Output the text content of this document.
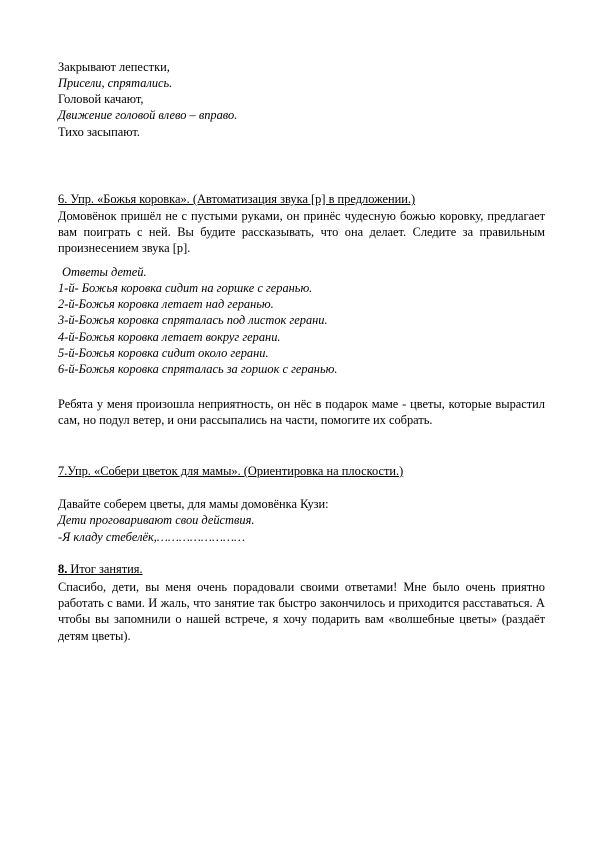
Закрывают лепестки,
Присели, спрятались.
Головой качают,
Движение головой влево – вправо.
Тихо засыпают.
6. Упр. «Божья коровка». (Автоматизация звука [р] в предложении.)
Домовёнок пришёл не с пустыми руками, он принёс чудесную божью коровку, предлагает вам поиграть с ней. Вы будите рассказывать, что она делает. Следите за правильным произнесением звука [р].
Ответы детей.
1-й- Божья коровка сидит на горшке с геранью.
2-й-Божья коровка летает над геранью.
3-й-Божья коровка спряталась под листок герани.
4-й-Божья коровка летает вокруг герани.
5-й-Божья коровка сидит около герани.
6-й-Божья коровка спряталась за горшок с геранью.
Ребята у меня произошла неприятность, он нёс в подарок маме - цветы, которые вырастил сам, но подул ветер, и они рассыпались на части, помогите их собрать.
7.Упр. «Собери цветок для мамы». (Ориентировка на плоскости.)
Давайте соберем цветы, для мамы домовёнка Кузи:
Дети проговаривают свои действия.
-Я кладу стебелёк,……………………
8. Итог занятия.
Спасибо, дети, вы меня очень порадовали своими ответами! Мне было очень приятно работать с вами. И жаль, что занятие так быстро закончилось и приходится расставаться. А чтобы вы запомнили о нашей встрече, я хочу подарить вам «волшебные цветы» (раздаёт детям цветы).
